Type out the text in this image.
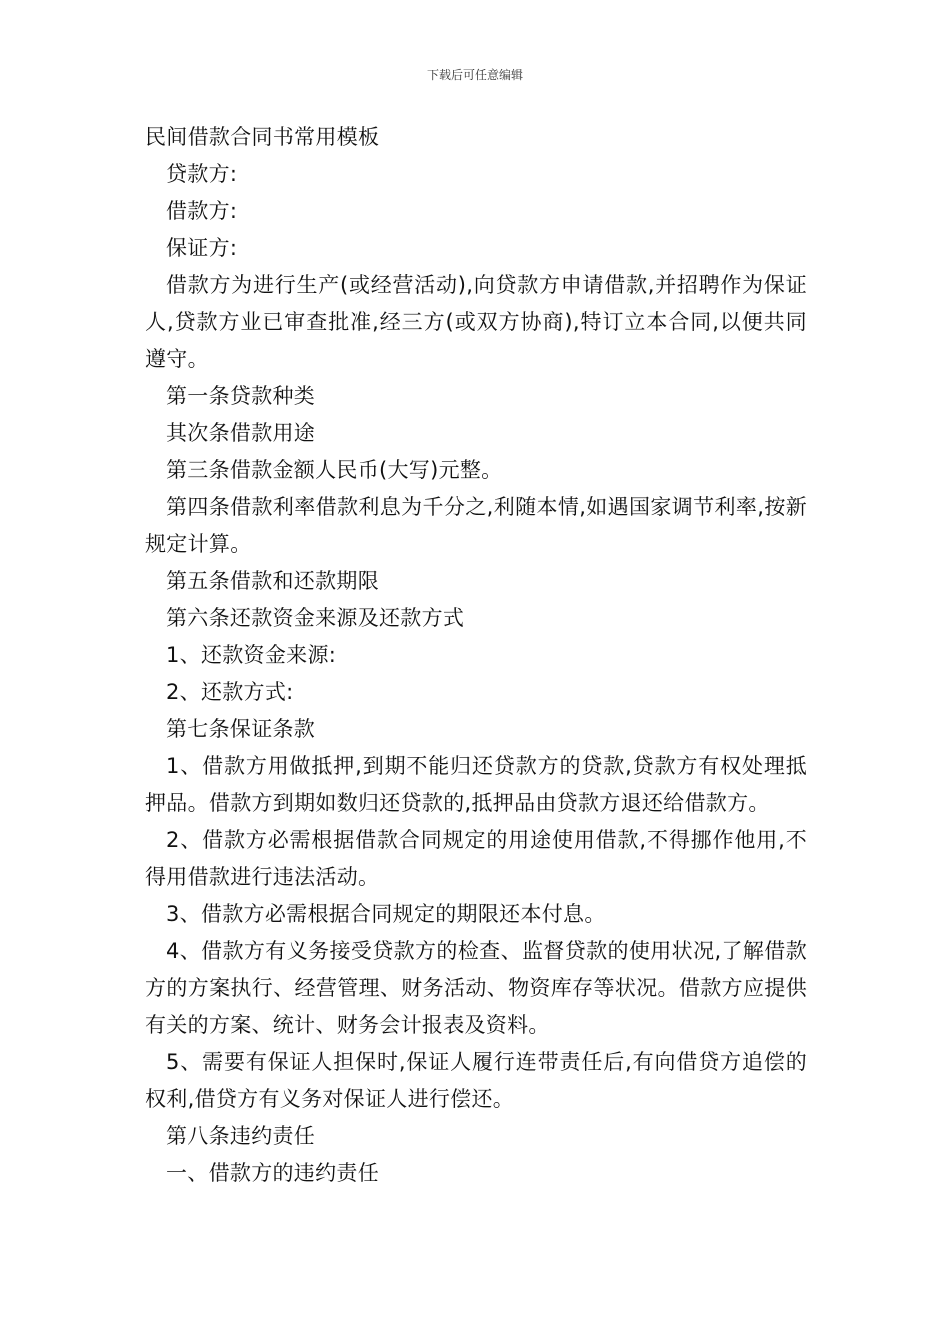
下载后可任意编辑
民间借款合同书常用模板

贷款方:

借款方:

保证方:

借款方为进行生产(或经营活动),向贷款方申请借款,并招聘作为保证人,贷款方业已审查批准,经三方(或双方协商),特订立本合同,以便共同遵守。

第一条贷款种类

其次条借款用途

第三条借款金额人民币(大写)元整。

第四条借款利率借款利息为千分之,利随本情,如遇国家调节利率,按新规定计算。

第五条借款和还款期限

第六条还款资金来源及还款方式

1、还款资金来源:

2、还款方式:

第七条保证条款

1、借款方用做抵押,到期不能归还贷款方的贷款,贷款方有权处理抵押品。借款方到期如数归还贷款的,抵押品由贷款方退还给借款方。

2、借款方必需根据借款合同规定的用途使用借款,不得挪作他用,不得用借款进行违法活动。

3、借款方必需根据合同规定的期限还本付息。

4、借款方有义务接受贷款方的检查、监督贷款的使用状况,了解借款方的方案执行、经营管理、财务活动、物资库存等状况。借款方应提供有关的方案、统计、财务会计报表及资料。

5、需要有保证人担保时,保证人履行连带责任后,有向借贷方追偿的权利,借贷方有义务对保证人进行偿还。

第八条违约责任

一、借款方的违约责任
